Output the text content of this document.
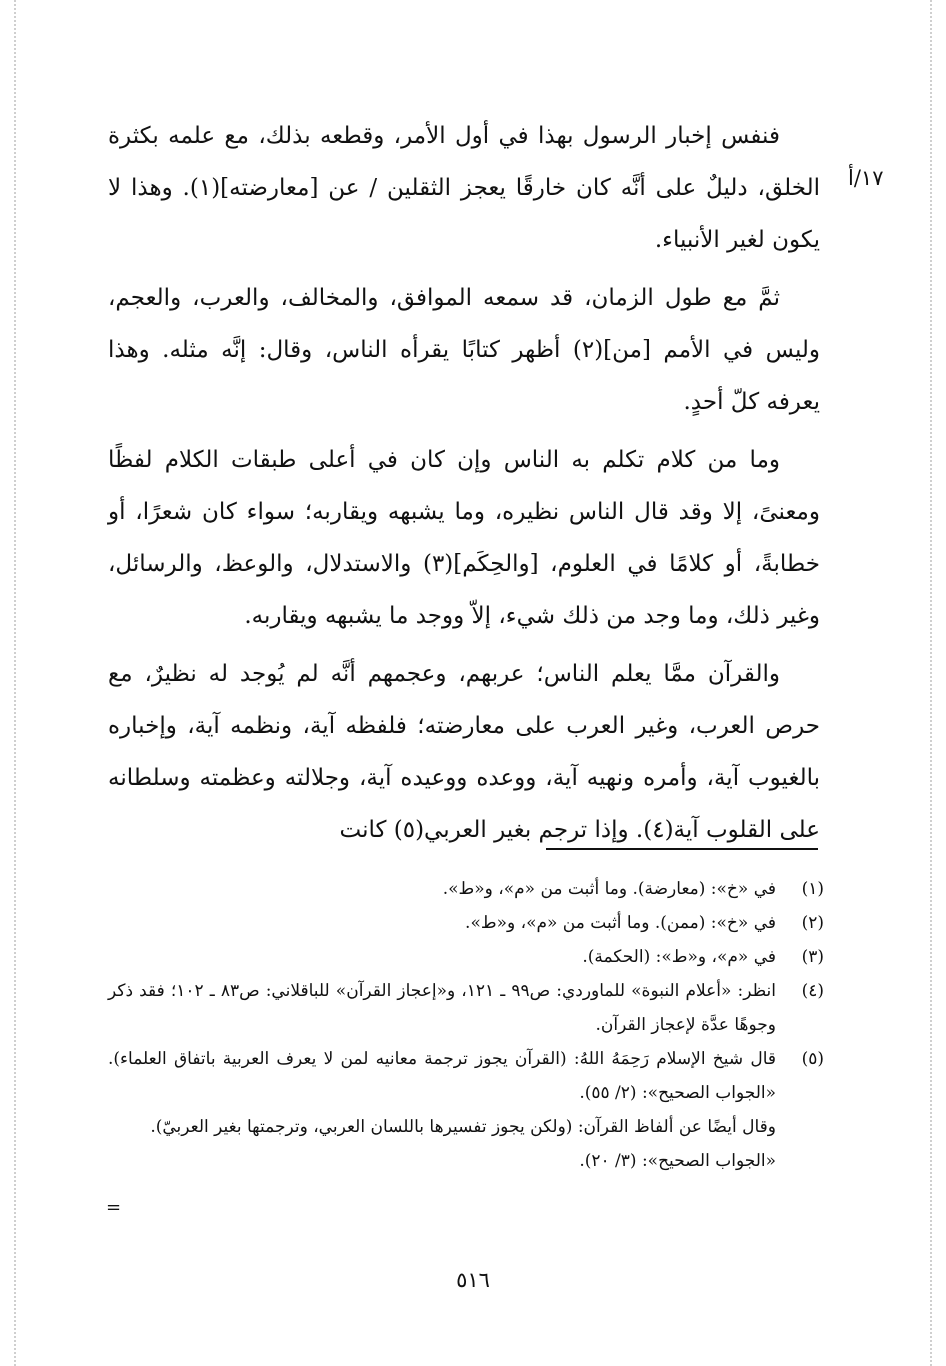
١٧/أ

فنفس إخبار الرسول بهذا في أول الأمر، وقطعه بذلك، مع علمه بكثرة الخلق، دليلٌ على أنَّه كان خارقًا يعجز الثقلين / عن [معارضته](١). وهذا لا يكون لغير الأنبياء.

ثمَّ مع طول الزمان، قد سمعه الموافق، والمخالف، والعرب، والعجم، وليس في الأمم [من](٢) أظهر كتابًا يقرأه الناس، وقال: إنَّه مثله. وهذا يعرفه كلّ أحدٍ.

وما من كلام تكلم به الناس وإن كان في أعلى طبقات الكلام لفظًا ومعنىً، إلا وقد قال الناس نظيره، وما يشبهه ويقاربه؛ سواء كان شعرًا، أو خطابةً، أو كلامًا في العلوم، [والحِكَم](٣) والاستدلال، والوعظ، والرسائل، وغير ذلك، وما وجد من ذلك شيء، إلاّ ووجد ما يشبهه ويقاربه.

والقرآن ممَّا يعلم الناس؛ عربهم، وعجمهم أنَّه لم يُوجد له نظيرٌ، مع حرص العرب، وغير العرب على معارضته؛ فلفظه آية، ونظمه آية، وإخباره بالغيوب آية، وأمره ونهيه آية، ووعده ووعيده آية، وجلالته وعظمته وسلطانه على القلوب آية(٤). وإذا ترجم بغير العربي(٥) كانت

(١)
في «خ»: (معارضة). وما أثبت من «م»، و«ط».
(٢)
في «خ»: (ممن). وما أثبت من «م»، و«ط».
(٣)
في «م»، و«ط»: (الحكمة).
(٤)
انظر: «أعلام النبوة» للماوردي: ص٩٩ ـ ١٢١، و«إعجاز القرآن» للباقلاني: ص٨٣ ـ ١٠٢؛ فقد ذكر وجوهًا عدَّة لإعجاز القرآن.
(٥)
قال شيخ الإسلام رَحِمَهُ اللهُ: (القرآن يجوز ترجمة معانيه لمن لا يعرف العربية باتفاق العلماء). «الجواب الصحيح»: (٢/ ٥٥).
وقال أيضًا عن ألفاظ القرآن: (ولكن يجوز تفسيرها باللسان العربي، وترجمتها بغير العربيّ). «الجواب الصحيح»: (٣/ ٢٠).
=
٥١٦
